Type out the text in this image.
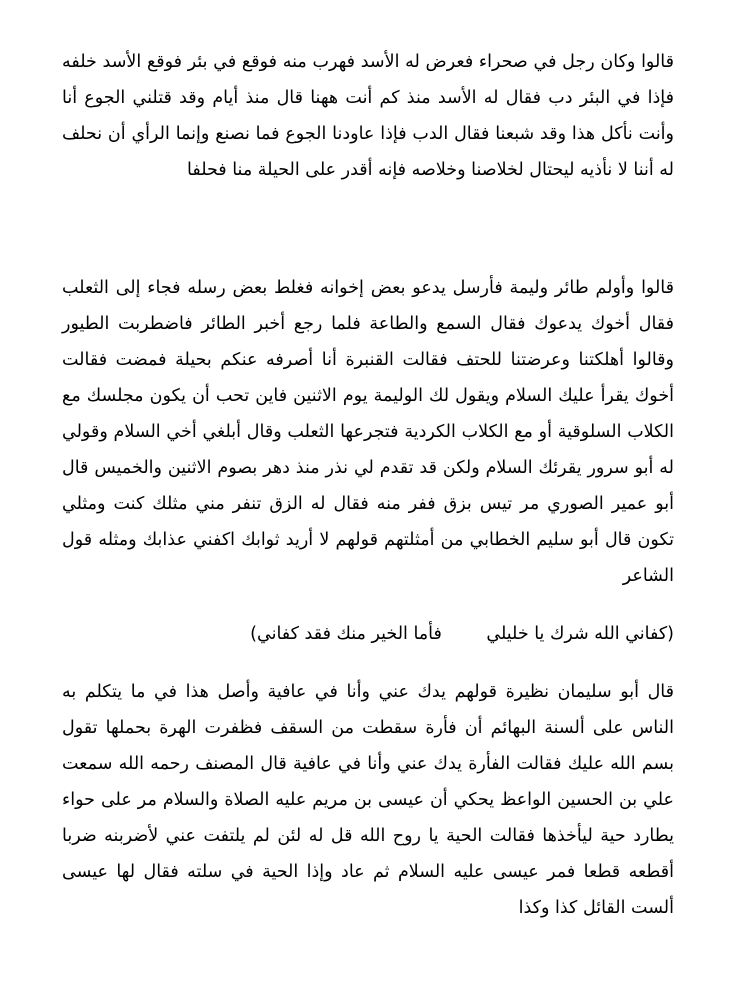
قالوا وكان رجل في صحراء فعرض له الأسد فهرب منه فوقع في بئر فوقع الأسد خلفه فإذا في البئر دب فقال له الأسد منذ كم أنت ههنا قال منذ أيام وقد قتلني الجوع أنا وأنت نأكل هذا وقد شبعنا فقال الدب فإذا عاودنا الجوع فما نصنع وإنما الرأي أن نحلف له أننا لا نأذيه ليحتال لخلاصنا وخلاصه فإنه أقدر على الحيلة منا فحلفا

قالوا وأولم طائر وليمة فأرسل يدعو بعض إخوانه فغلط بعض رسله فجاء إلى الثعلب فقال أخوك يدعوك فقال السمع والطاعة فلما رجع أخبر الطائر فاضطربت الطيور وقالوا أهلكتنا وعرضتنا للحتف فقالت القنبرة أنا أصرفه عنكم بحيلة فمضت فقالت أخوك يقرأ عليك السلام ويقول لك الوليمة يوم الاثنين فاين تحب أن يكون مجلسك مع الكلاب السلوقية أو مع الكلاب الكردية فتجرعها الثعلب وقال أبلغي أخي السلام وقولي له أبو سرور يقرئك السلام ولكن قد تقدم لي نذر منذ دهر بصوم الاثنين والخميس قال أبو عمير الصوري مر تيس بزق ففر منه فقال له الزق تنفر مني مثلك كنت ومثلي تكون قال أبو سليم الخطابي من أمثلتهم قولهم لا أريد ثوابك اكفني عذابك ومثله قول الشاعر

(كفاني الله شرك يا خليلي        فأما الخير منك فقد كفاني)

قال أبو سليمان نظيرة قولهم يدك عني وأنا في عافية وأصل هذا في ما يتكلم به الناس على ألسنة البهائم أن فأرة سقطت من السقف فظفرت الهرة بحملها تقول بسم الله عليك فقالت الفأرة يدك عني وأنا في عافية قال المصنف رحمه الله سمعت علي بن الحسين الواعظ يحكي أن عيسى بن مريم عليه الصلاة والسلام مر على حواء يطارد حية ليأخذها فقالت الحية يا روح الله قل له لئن لم يلتفت عني لأضربنه ضربا أقطعه قطعا فمر عيسى عليه السلام ثم عاد وإذا الحية في سلته فقال لها عيسى ألست القائل كذا وكذا
